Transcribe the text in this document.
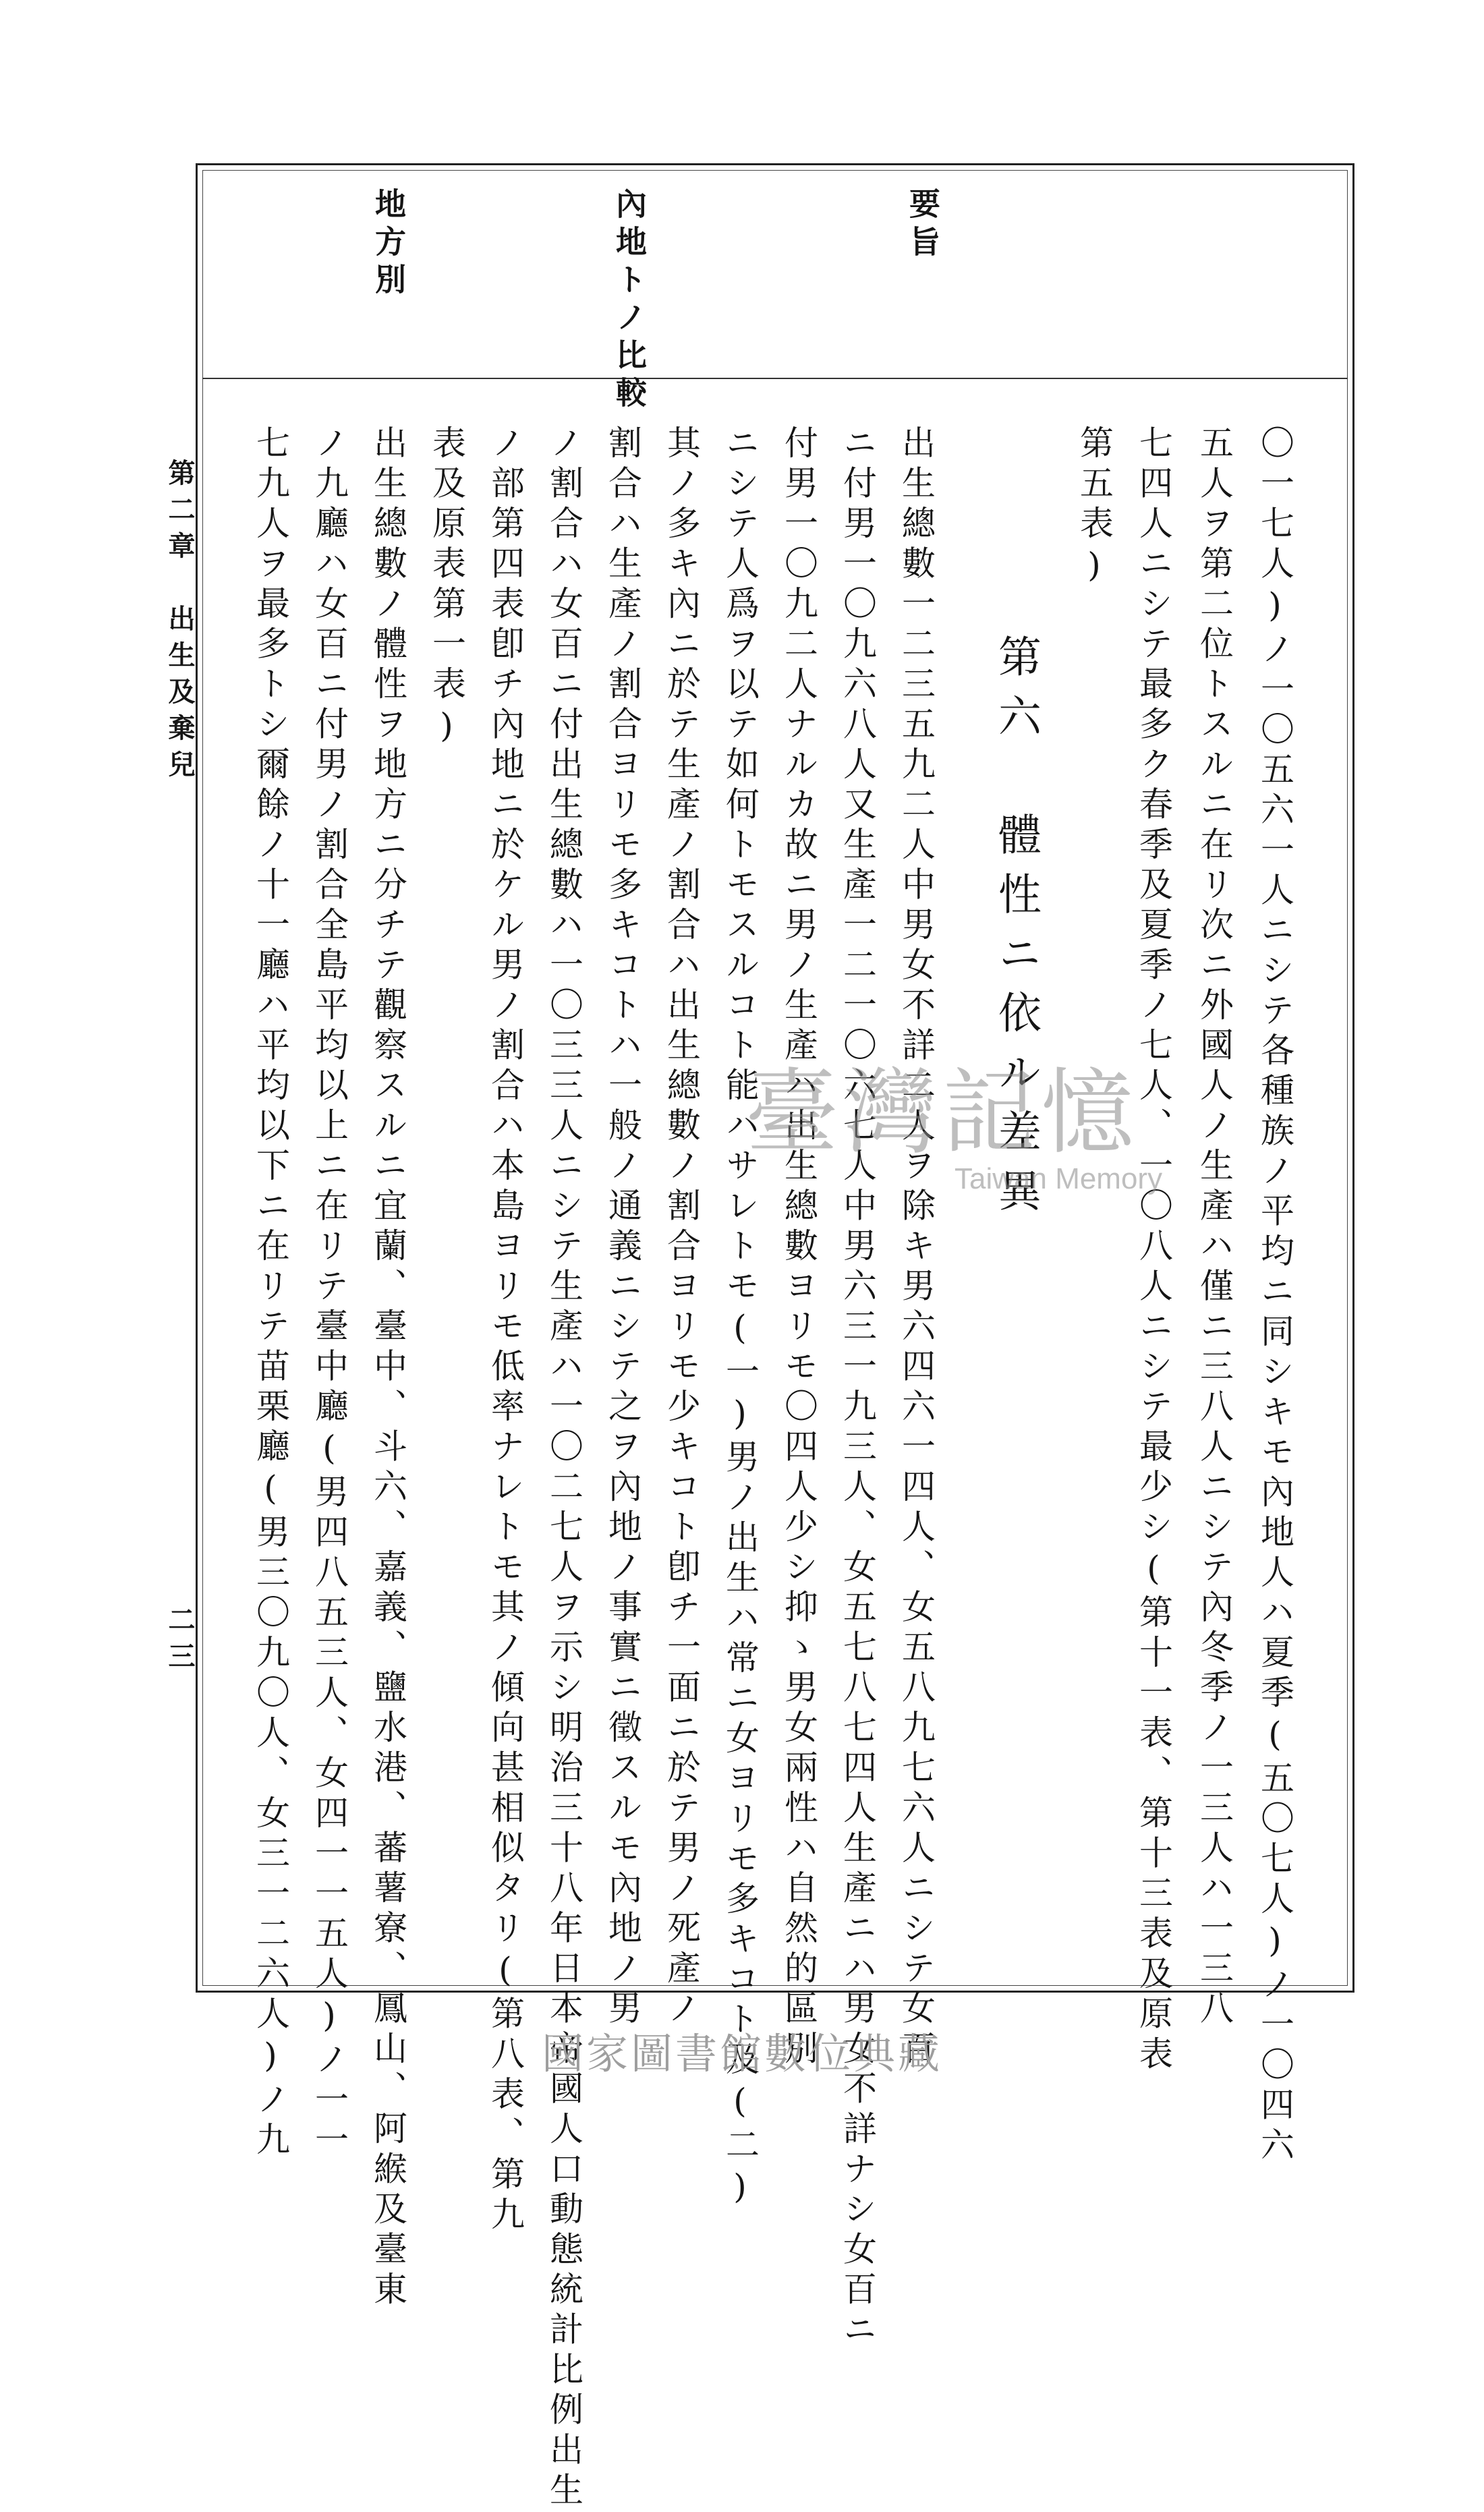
要旨
內地トノ比較
地方別
第二章　出生及棄兒
二三	〇一七人)ノ一〇五六一人ニシテ各種族ノ平均ニ同シキモ內地人ハ夏季(五〇七人)ノ一〇四六
五人ヲ第二位トスルニ在リ次ニ外國人ノ生產ハ僅ニ三八人ニシテ內冬季ノ一三人ハ一三八
七四人ニシテ最多ク春季及夏季ノ七人、一〇八人ニシテ最少シ(第十一表、第十三表及原表
第五表)
第六　體性ニ依ル差異
出生總數一二三五九二人中男女不詳二人ヲ除キ男六四六一四人、女五八九七六人ニシテ女百
ニ付男一〇九六八人又生產一二一〇六七人中男六三一九三人、女五七八七四人生產ニハ男女不詳ナシ女百ニ
付男一〇九二人ナルカ故ニ男ノ生產ハ出生總數ヨリモ〇四人少シ抑ゝ男女兩性ハ自然的區別
ニシテ人爲ヲ以テ如何トモスルコト能ハサレトモ(一)男ノ出生ハ常ニ女ヨリモ多キコト及(二)
其ノ多キ內ニ於テ生產ノ割合ハ出生總數ノ割合ヨリモ少キコト卽チ一面ニ於テ男ノ死產ノ
割合ハ生產ノ割合ヨリモ多キコトハ一般ノ通義ニシテ之ヲ內地ノ事實ニ徵スルモ內地ノ男
ノ割合ハ女百ニ付出生總數ハ一〇三三人ニシテ生產ハ一〇二七人ヲ示シ明治三十八年日本帝國人口動態統計比例出生
ノ部第四表卽チ內地ニ於ケル男ノ割合ハ本島ヨリモ低率ナレトモ其ノ傾向甚相似タリ(第八表、第九
表及原表第一表)
出生總數ノ體性ヲ地方ニ分チテ觀察スルニ宜蘭、臺中、斗六、嘉義、鹽水港、蕃薯寮、鳳山、阿緱及臺東
ノ九廳ハ女百ニ付男ノ割合全島平均以上ニ在リテ臺中廳(男四八五三人、女四一一五人)ノ一一
七九人ヲ最多トシ爾餘ノ十一廳ハ平均以下ニ在リテ苗栗廳(男三〇九〇人、女三一二六人)ノ九	臺灣記憶
Taiwan Memory
國家圖書館數位典藏
